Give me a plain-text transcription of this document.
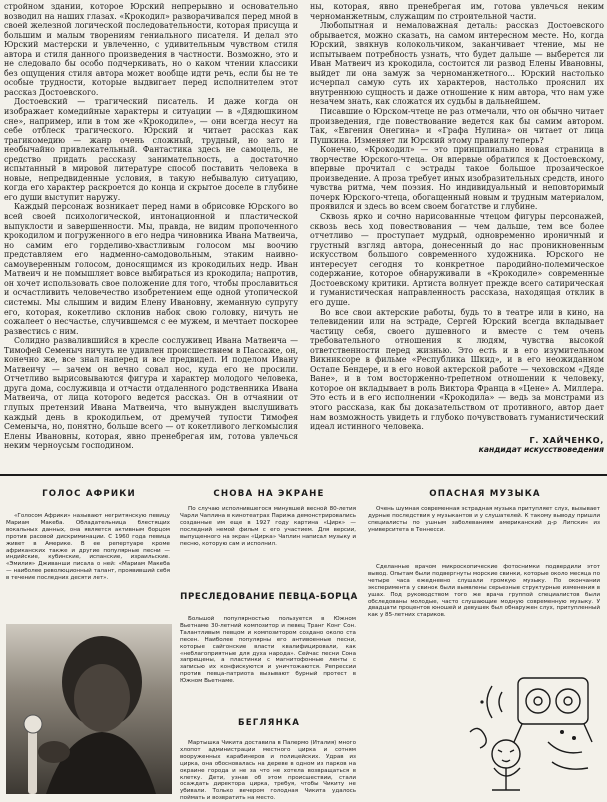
стройном здании, которое Юрский непрерывно и основательно возводил на наших глазах. «Крокодил» разворачивался перед мной в своей железной логической последовательности, которая присуща и большим и малым творениям гениального писателя. И делал это Юрский мастерски и увлеченно, с удивительным чувством стиля автора и стиля данного произведения в частности. Возможно, это и не следовало бы особо подчеркивать, но о каком чтении классики без ощущения стиля автора может вообще идти речь, если бы не те особые трудности, которые выдвигает перед исполнителем этот рассказ Достоевского.

Достоевский — трагический писатель. И даже когда он изображает комедийные характеры и ситуации — в «Дядюшкином сне», например, или в том же «Крокодиле», — они всегда несут на себе отблеск трагического. Юрский и читает рассказ как трагикомедию — жанр очень сложный, трудный, но зато и необычайно привлекательный. Фантастика здесь не самоцель, не средство придать рассказу занимательность, а достаточно испытанный в мировой литературе способ поставить человека в новые, непредвиденные условия, в такую небывалую ситуацию, когда его характер раскроется до конца и скрытое доселе в глубине его души выступит наружу.

Каждый персонаж возникает перед нами в обрисовке Юрского во всей своей психологической, интонационной и пластической выпуклости и завершенности. Мы, правда, не видим пропоченного крокодилом и погруженного в его недра чиновника Ивана Матвеича, но самим его горделиво-хвастливым голосом мы воочию представляем его надменно-самодовольным, этаким наивно-самоуверенным голосом, доносящимся из крокодильих недр. Иван Матвеич и не помышляет вовсе выбираться из крокодила; напротив, он хочет использовать свое положение для того, чтобы прославиться и осчастливить человечество изобретением еще одной утопической системы. Мы слышим и видим Елену Ивановну, жеманную супругу его, которая, кокетливо склонив набок свою головку, ничуть не сожалеет о несчастье, случившемся с ее мужем, и мечтает поскорее развестись с ним.

Солидно развалившийся в кресле сослуживец Ивана Матвеича — Тимофей Семеныч ничуть не удивлен происшествием в Пассаже, он, конечно же, все знал наперед и все предвидел. И поделом Ивану Матвеичу — зачем он вечно совал нос, куда его не просили. Отчетливо вырисовываются фигура и характер молодого человека, друга дома, сослуживца и отчасти отдаленного родственника Ивана Матвеича, от лица которого ведется рассказ. Он в отчаянии от глупых претензий Ивана Матвеича, что вынужден выслушивать каждый день в крокодильем, от дремучей тупости Тимофея Семеныча, но, понятно, больше всего — от кокетливого легкомыслия Елены Ивановны, которая, явно пренебрегая им, готова увлечься неким черноусым господином.

ны, которая, явно пренебрегая им, готова увлечься неким черноманжетным, служащим по строительной части.

Любопытная и немаловажная деталь: рассказ Достоевского обрывается, можно сказать, на самом интересном месте. Но, когда Юрский, звякнув колокольчиком, заканчивает чтение, мы не испытываем потребность узнать, что будет дальше — выберется ли Иван Матвеич из крокодила, состоится ли развод Елены Ивановны, выйдет ли она замуж за черноманжетного... Юрский настолько исчерпал самую суть их характеров, настолько прояснил их внутреннюю сущность и даже отношение к ним автора, что нам уже незачем знать, как сложатся их судьбы в дальнейшем.

Писавшие о Юрском-чтеце не раз отмечали, что он обычно читает произведения, где повествование ведется как бы самим автором. Так, «Евгения Онегина» и «Графа Нулина» он читает от лица Пушкина. Изменяет ли Юрский этому правилу теперь?

Конечно, «Крокодил» — это принципиально новая страница в творчестве Юрского-чтеца. Он впервые обратился к Достоевскому, впервые прочитал с эстрады такое большое прозаическое произведение. А проза требует иных изобразительных средств, иного чувства ритма, чем поэзия. Но индивидуальный и неповторимый почерк Юрского-чтеца, обогащенный новым и трудным материалом, проявился и здесь во всем своем богатстве и глубине.

Сквозь ярко и сочно нарисованные чтецом фигуры персонажей, сквозь весь ход повествования — чем дальше, тем все более отчетливо — проступает мудрый, одновременно ироничный и грустный взгляд автора, донесенный до нас проникновенным искусством большого современного художника. Юрского не интересует сегодня то конкретное пародийно-полемическое содержание, которое обнаруживали в «Крокодиле» современные Достоевскому критики. Артиста волнует прежде всего сатирическая и гуманистическая направленность рассказа, находящая отклик в его душе.

Во все свои актерские работы, будь то в театре или в кино, на телевидении или на эстраде, Сергей Юрский всегда вкладывает частицу себя, своего душевного и вместе с тем очень требовательного отношения к людям, чувства высокой ответственности перед жизнью. Это есть и в его изумительном Викниксоре в фильме «Республика Шкид», и в его неожиданном Остапе Бендере, и в его новой актерской работе — чеховском «Дяде Ване», и в том восторженно-трепетном отношении к человеку, которое он вкладывает в роль Виктора Франца в «Цене» А. Миллера. Это есть и в его исполнении «Крокодила» — ведь за монстрами из этого рассказа, как бы доказательством от противного, автор дает нам возможность увидеть и глубоко почувствовать гуманистический идеал истинного человека.

Г. ХАЙЧЕНКО,
кандидат искусствоведения
ГОЛОС АФРИКИ

«Голосом Африки» называют негритянскую певицу Мариам Макеба. Обладательница блестящих вокальных данных, она является активным борцом против расовой дискриминации. С 1960 года певица живет в Америке. В ее репертуаре кроме африканских также и другие популярные песни — индийские, кубинские, испанские, израильские. «Эмилия» Дживанши писала о ней: «Мариам Макеба — наиболее революционный талант, проявивший себя в течение последних десяти лет».

СНОВА НА ЭКРАНЕ

По случаю исполнившегося минувшей весной 80-летия Чарли Чаплина в кинотеатрах Парижа демонстрировались созданные им еще в 1927 году картина «Цирк» — последний немой фильм с его участием. Для версии, выпущенного на экран «Цирка» Чаплин написал музыку и песню, которую сам и исполнил.

ПРЕСЛЕДОВАНИЕ ПЕВЦА-БОРЦА

Большой популярностью пользуется в Южном Вьетнаме 30-летний композитор и певец Транг Конг Сон. Талантливым певцом и композитором создано около ста песен. Наиболее популярны его антивоенные песни, которые сайгонские власти квалифицировали, как «неблагоприятные для духа народа». Сейчас песни Сона запрещены, а пластинки с магнитофонные ленты с записью их конфискуются и уничтожаются. Репрессии против певца-патриота вызывают бурный протест в Южном Вьетнаме.

БЕГЛЯНКА

Мартышка Чикита доставила в Палермо (Италия) много хлопот администрации местного цирка и сотням вооруженных карабинеров и полицейских. Удрав из цирка, она обосновалась на дереве в одном из парков на окраине города и не за что не хотела возвращаться в клетку. Дети, узнав об этом происшествии, стали осаждать директора цирка, требуя, чтобы Чикиту не убивали. Только вечером голодная Чикита удалось поймать и возвратить на место.

ОПАСНАЯ МУЗЫКА

Очень шумная современная эстрадная музыка притупляет слух, вызывает дурные последствия у музыкантов и у слушателей. К такому выводу пришли специалисты по ушным заболеваниям американский д-р Липскин из университета в Теннесси.

Сделанные врачом микроскопические фотоснимки подвердили этот вывод. Опытам были подвергнуты морские свинки, которые около месяца по четыре часа ежедневно слушали громкую музыку. По окончании эксперимента у свинок были выявлены серьезные структурные изменения в ушах. Под руководством того же врача группой специалистов были обследованы молодые, часто слушающие модную современную музыку. У двадцати процентов юношей и девушек был обнаружен слух, притупленный как у 85-летних стариков.
